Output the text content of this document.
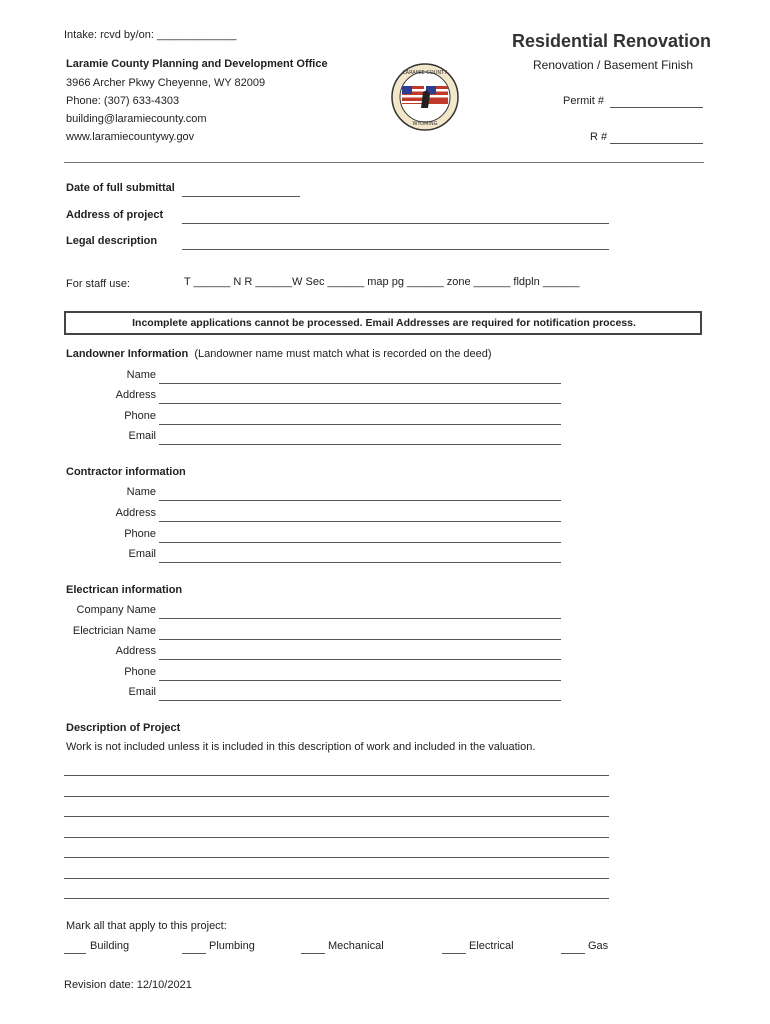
Intake: rcvd by/on: _____________	Residential Renovation
Renovation / Basement Finish
Laramie County Planning and Development Office
3966 Archer Pkwy Cheyenne, WY 82009
Phone: (307) 633-4303
building@laramiecounty.com
www.laramiecountywy.gov
LARAMIE COUNTY
WYOMING
Permit #
R #
Date of full submittal
Address of project
Legal description
For staff use:	T ______ N R ______W Sec ______ map pg ______ zone ______ fldpln ______
Incomplete applications cannot be processed. Email Addresses are required for notification process.
Landowner Information (Landowner name must match what is recorded on the deed)
Name
Address
Phone
Email
Contractor information
Name
Address
Phone
Email
Electrican information
Company Name
Electrician Name
Address
Phone
Email
Description of Project
Work is not included unless it is included in this description of work and included in the valuation.
Mark all that apply to this project:
Building	Plumbing	Mechanical	Electrical	Gas
Revision date: 12/10/2021
